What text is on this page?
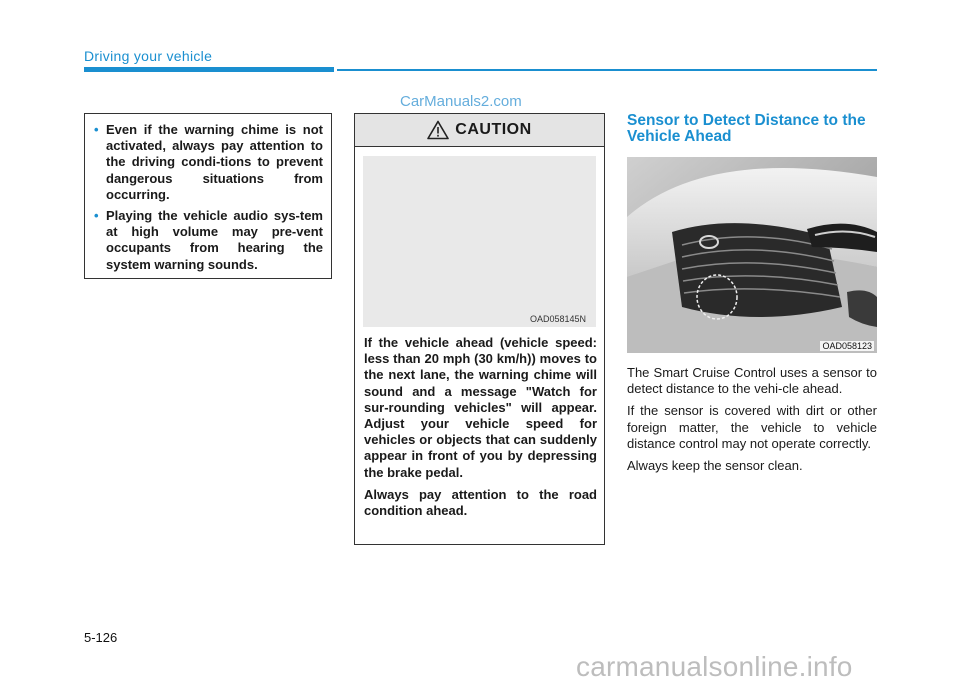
Driving your vehicle
CarManuals2.com
• Even if the warning chime is not activated, always pay attention to the driving condi-tions to prevent dangerous situations from occurring.
• Playing the vehicle audio sys-tem at high volume may pre-vent occupants from hearing the system warning sounds.
CAUTION
OAD058145N

If the vehicle ahead (vehicle speed: less than 20 mph (30 km/h)) moves to the next lane, the warning chime will sound and a message "Watch for sur-rounding vehicles" will appear. Adjust your vehicle speed for vehicles or objects that can suddenly appear in front of you by depressing the brake pedal.

Always pay attention to the road condition ahead.

Sensor to Detect Distance to the Vehicle Ahead
OAD058123

The Smart Cruise Control uses a sensor to detect distance to the vehi-cle ahead.

If the sensor is covered with dirt or other foreign matter, the vehicle to vehicle distance control may not operate correctly.

Always keep the sensor clean.

5-126
carmanualsonline.info
